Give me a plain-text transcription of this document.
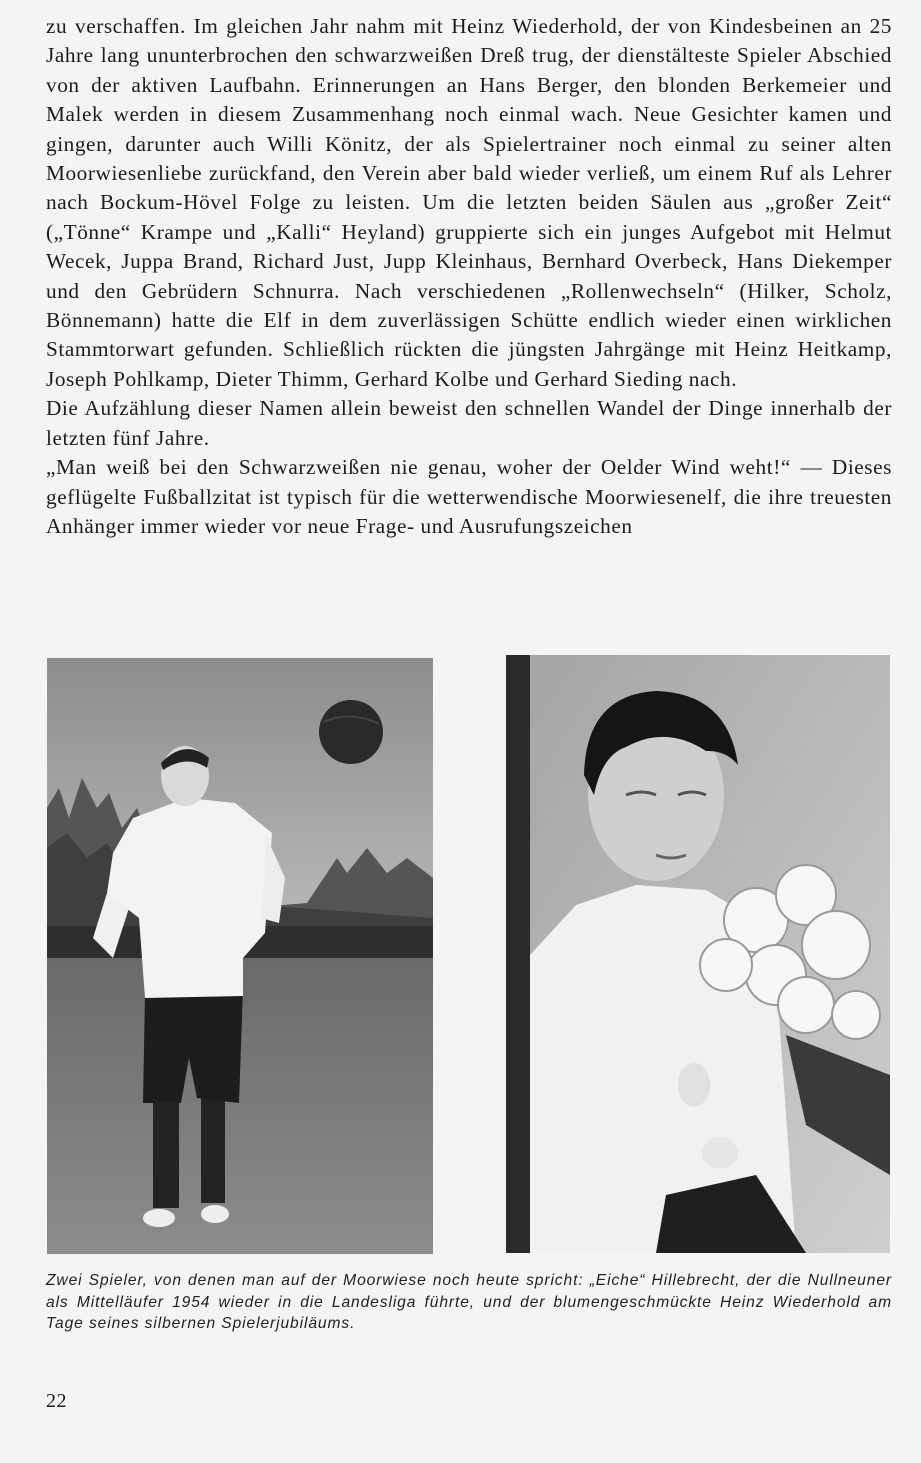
zu verschaffen. Im gleichen Jahr nahm mit Heinz Wiederhold, der von Kindesbeinen an 25 Jahre lang ununterbrochen den schwarzweißen Dreß trug, der dienstälteste Spieler Abschied von der aktiven Laufbahn. Erinnerungen an Hans Berger, den blonden Berkemeier und Malek werden in diesem Zusammenhang noch einmal wach. Neue Gesichter kamen und gingen, darunter auch Willi Könitz, der als Spielertrainer noch einmal zu seiner alten Moorwiesenliebe zurückfand, den Verein aber bald wieder verließ, um einem Ruf als Lehrer nach Bockum-Hövel Folge zu leisten. Um die letzten beiden Säulen aus „großer Zeit“ („Tönne“ Krampe und „Kalli“ Heyland) gruppierte sich ein junges Aufgebot mit Helmut Wecek, Juppa Brand, Richard Just, Jupp Kleinhaus, Bernhard Overbeck, Hans Diekemper und den Gebrüdern Schnurra. Nach verschiedenen „Rollenwechseln“ (Hilker, Scholz, Bönnemann) hatte die Elf in dem zuverlässigen Schütte endlich wieder einen wirklichen Stammtorwart gefunden. Schließlich rückten die jüngsten Jahrgänge mit Heinz Heitkamp, Joseph Pohlkamp, Dieter Thimm, Gerhard Kolbe und Gerhard Sieding nach.

Die Aufzählung dieser Namen allein beweist den schnellen Wandel der Dinge innerhalb der letzten fünf Jahre.

„Man weiß bei den Schwarzweißen nie genau, woher der Oelder Wind weht!“ — Dieses geflügelte Fußballzitat ist typisch für die wetterwendische Moorwiesenelf, die ihre treuesten Anhänger immer wieder vor neue Frage- und Ausrufungszeichen

Zwei Spieler, von denen man auf der Moorwiese noch heute spricht: „Eiche“ Hillebrecht, der die Nullneuner als Mittelläufer 1954 wieder in die Landesliga führte, und der blumengeschmückte Heinz Wiederhold am Tage seines silbernen Spielerjubiläums.

22
